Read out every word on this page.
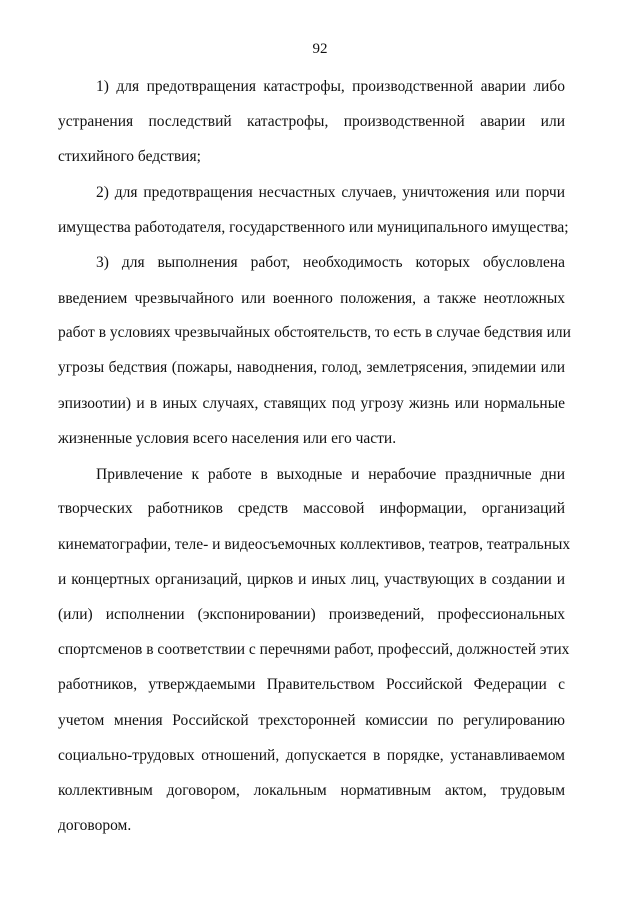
92
1) для предотвращения катастрофы, производственной аварии либо
устранения последствий катастрофы, производственной аварии или
стихийного бедствия;
2) для предотвращения несчастных случаев, уничтожения или порчи
имущества работодателя, государственного или муниципального имущества;
3) для выполнения работ, необходимость которых обусловлена
введением чрезвычайного или военного положения, а также неотложных
работ в условиях чрезвычайных обстоятельств, то есть в случае бедствия или
угрозы бедствия (пожары, наводнения, голод, землетрясения, эпидемии или
эпизоотии) и в иных случаях, ставящих под угрозу жизнь или нормальные
жизненные условия всего населения или его части.
Привлечение к работе в выходные и нерабочие праздничные дни
творческих работников средств массовой информации, организаций
кинематографии, теле- и видеосъемочных коллективов, театров, театральных
и концертных организаций, цирков и иных лиц, участвующих в создании и
(или) исполнении (экспонировании) произведений, профессиональных
спортсменов в соответствии с перечнями работ, профессий, должностей этих
работников, утверждаемыми Правительством Российской Федерации с
учетом мнения Российской трехсторонней комиссии по регулированию
социально-трудовых отношений, допускается в порядке, устанавливаемом
коллективным договором, локальным нормативным актом, трудовым
договором.
